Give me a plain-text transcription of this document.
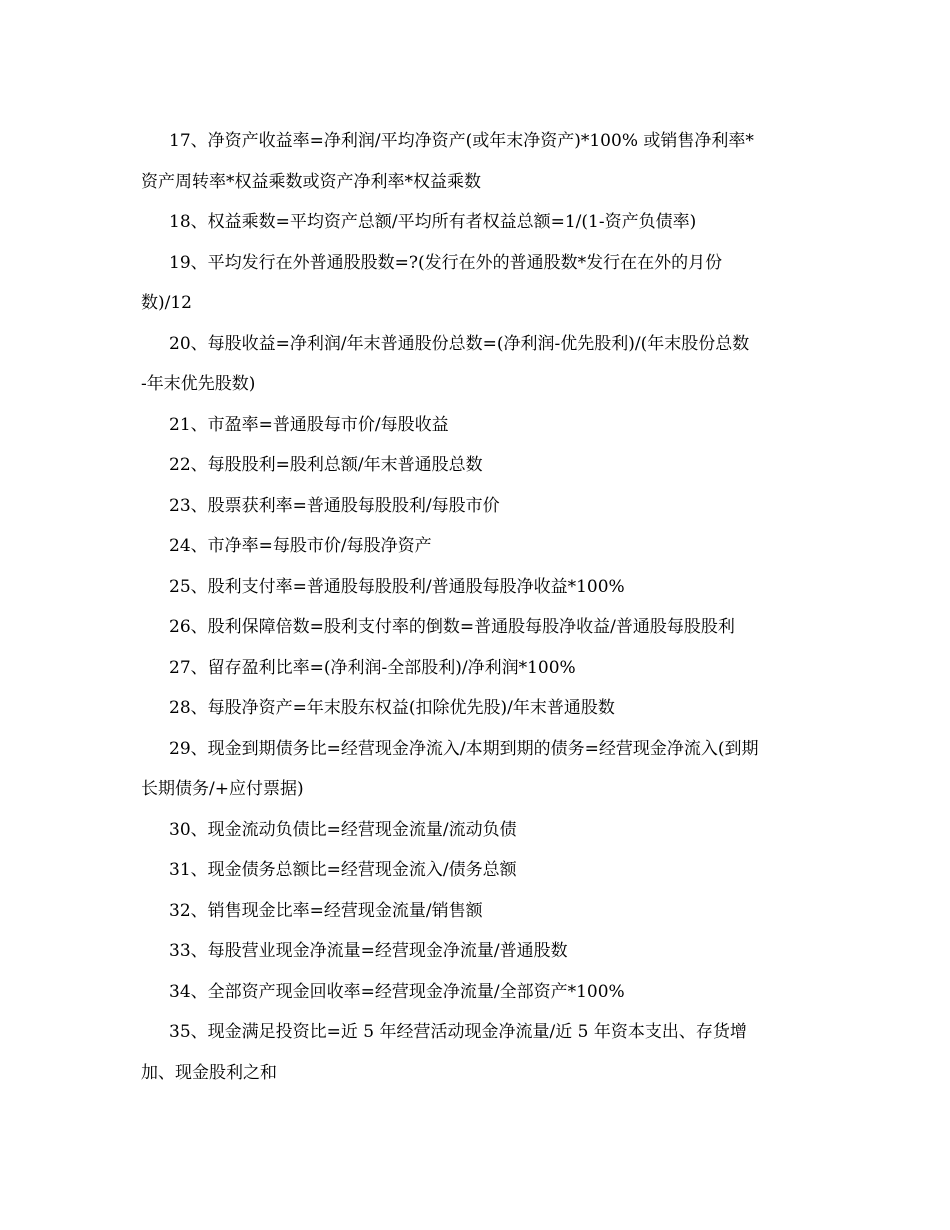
17、净资产收益率=净利润/平均净资产(或年末净资产)*100% 或销售净利率*
资产周转率*权益乘数或资产净利率*权益乘数
18、权益乘数=平均资产总额/平均所有者权益总额=1/(1-资产负债率)
19、平均发行在外普通股股数=?(发行在外的普通股数*发行在在外的月份
数)/12
20、每股收益=净利润/年末普通股份总数=(净利润-优先股利)/(年末股份总数
-年末优先股数)
21、市盈率=普通股每市价/每股收益
22、每股股利=股利总额/年末普通股总数
23、股票获利率=普通股每股股利/每股市价
24、市净率=每股市价/每股净资产
25、股利支付率=普通股每股股利/普通股每股净收益*100%
26、股利保障倍数=股利支付率的倒数=普通股每股净收益/普通股每股股利
27、留存盈利比率=(净利润-全部股利)/净利润*100%
28、每股净资产=年末股东权益(扣除优先股)/年末普通股数
29、现金到期债务比=经营现金净流入/本期到期的债务=经营现金净流入(到期
长期债务/+应付票据)
30、现金流动负债比=经营现金流量/流动负债
31、现金债务总额比=经营现金流入/债务总额
32、销售现金比率=经营现金流量/销售额
33、每股营业现金净流量=经营现金净流量/普通股数
34、全部资产现金回收率=经营现金净流量/全部资产*100%
35、现金满足投资比=近 5 年经营活动现金净流量/近 5 年资本支出、存货增
加、现金股利之和
